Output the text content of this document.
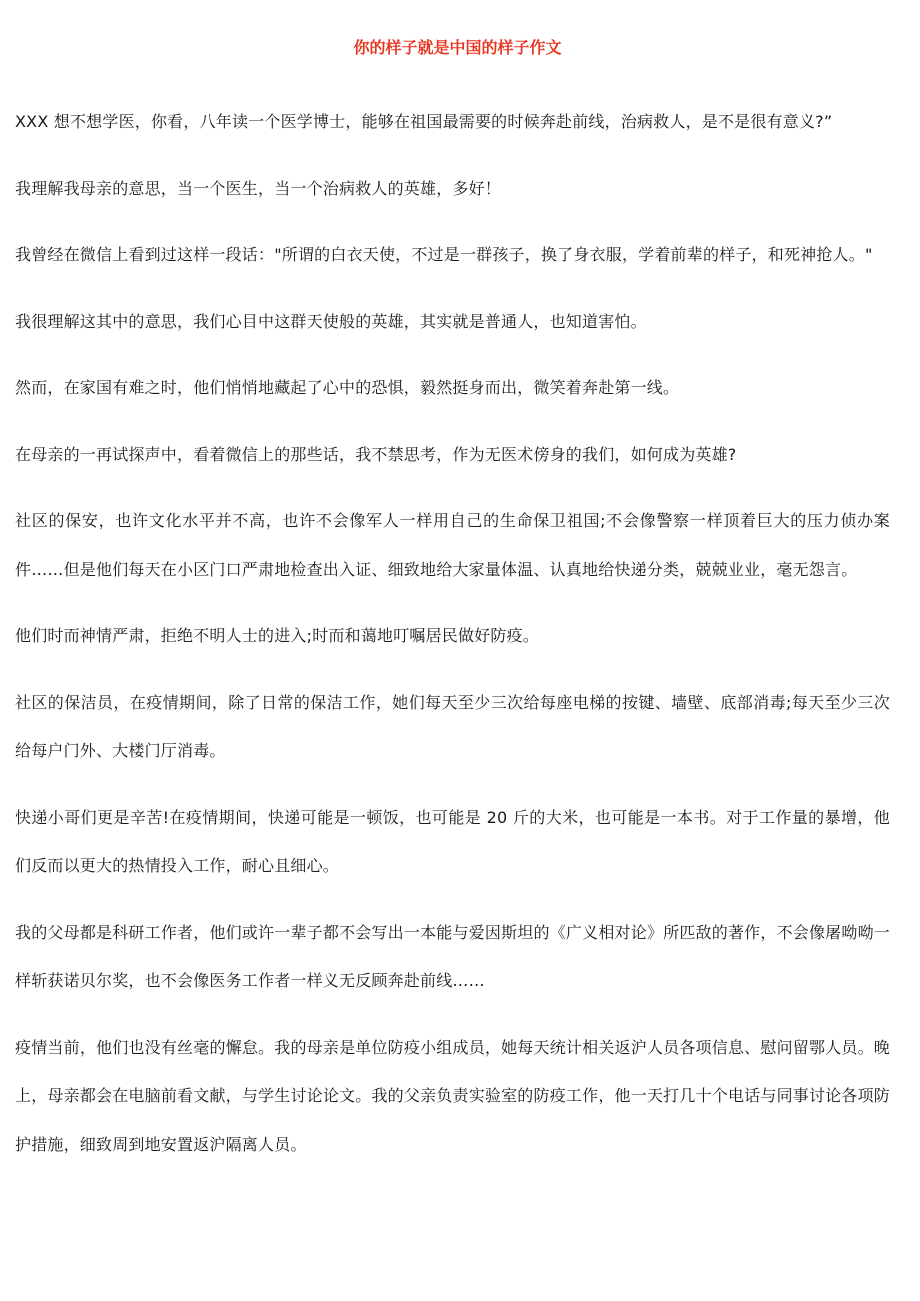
你的样子就是中国的样子作文

XXX 想不想学医，你看，八年读一个医学博士，能够在祖国最需要的时候奔赴前线，治病救人，是不是很有意义?”

我理解我母亲的意思，当一个医生，当一个治病救人的英雄，多好！

我曾经在微信上看到过这样一段话："所谓的白衣天使，不过是一群孩子，换了身衣服，学着前辈的样子，和死神抢人。"

我很理解这其中的意思，我们心目中这群天使般的英雄，其实就是普通人，也知道害怕。

然而，在家国有难之时，他们悄悄地藏起了心中的恐惧，毅然挺身而出，微笑着奔赴第一线。

在母亲的一再试探声中，看着微信上的那些话，我不禁思考，作为无医术傍身的我们，如何成为英雄?

社区的保安，也许文化水平并不高，也许不会像军人一样用自己的生命保卫祖国;不会像警察一样顶着巨大的压力侦办案件……但是他们每天在小区门口严肃地检查出入证、细致地给大家量体温、认真地给快递分类，兢兢业业，毫无怨言。

他们时而神情严肃，拒绝不明人士的进入;时而和蔼地叮嘱居民做好防疫。

社区的保洁员，在疫情期间，除了日常的保洁工作，她们每天至少三次给每座电梯的按键、墙壁、底部消毒;每天至少三次给每户门外、大楼门厅消毒。

快递小哥们更是辛苦!在疫情期间，快递可能是一顿饭，也可能是 20 斤的大米，也可能是一本书。对于工作量的暴增，他们反而以更大的热情投入工作，耐心且细心。

我的父母都是科研工作者，他们或许一辈子都不会写出一本能与爱因斯坦的《广义相对论》所匹敌的著作，不会像屠呦呦一样斩获诺贝尔奖，也不会像医务工作者一样义无反顾奔赴前线……

疫情当前，他们也没有丝毫的懈怠。我的母亲是单位防疫小组成员，她每天统计相关返沪人员各项信息、慰问留鄂人员。晚上，母亲都会在电脑前看文献，与学生讨论论文。我的父亲负责实验室的防疫工作，他一天打几十个电话与同事讨论各项防护措施，细致周到地安置返沪隔离人员。
